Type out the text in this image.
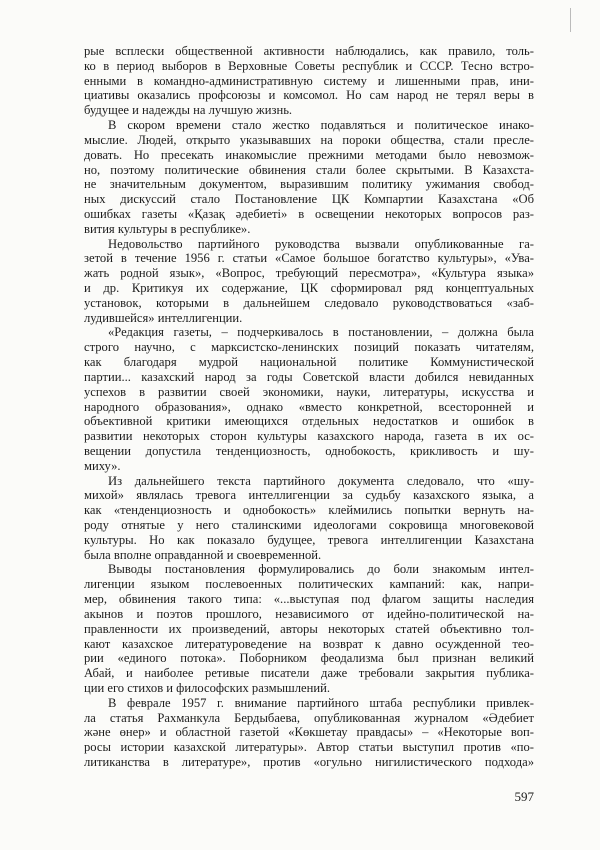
рые всплески общественной активности наблюдались, как правило, толь-
ко в период выборов в Верховные Советы республик и СССР. Тесно встро-
енными в командно-административную систему и лишенными прав, ини-
циативы оказались профсоюзы и комсомол. Но сам народ не терял веры в
будущее и надежды на лучшую жизнь.
В скором времени стало жестко подавляться и политическое инако-
мыслие. Людей, открыто указывавших на пороки общества, стали пресле-
довать. Но пресекать инакомыслие прежними методами было невозмож-
но, поэтому политические обвинения стали более скрытыми. В Казахста-
не значительным документом, выразившим политику ужимания свобод-
ных дискуссий стало Постановление ЦК Компартии Казахстана «Об
ошибках газеты «Қазақ әдебиеті» в освещении некоторых вопросов раз-
вития культуры в республике».
Недовольство партийного руководства вызвали опубликованные га-
зетой в течение 1956 г. статьи «Самое большое богатство культуры», «Ува-
жать родной язык», «Вопрос, требующий пересмотра», «Культура языка»
и др. Критикуя их содержание, ЦК сформировал ряд концептуальных
установок, которыми в дальнейшем следовало руководствоваться «заб-
лудившейся» интеллигенции.
«Редакция газеты, – подчеркивалось в постановлении, – должна была
строго научно, с марксистско-ленинских позиций показать читателям,
как благодаря мудрой национальной политике Коммунистической
партии... казахский народ за годы Советской власти добился невиданных
успехов в развитии своей экономики, науки, литературы, искусства и
народного образования», однако «вместо конкретной, всесторонней и
объективной критики имеющихся отдельных недостатков и ошибок в
развитии некоторых сторон культуры казахского народа, газета в их ос-
вещении допустила тенденциозность, однобокость, крикливость и шу-
миху».
Из дальнейшего текста партийного документа следовало, что «шу-
михой» являлась тревога интеллигенции за судьбу казахского языка, а
как «тенденциозность и однобокость» клеймились попытки вернуть на-
роду отнятые у него сталинскими идеологами сокровища многовековой
культуры. Но как показало будущее, тревога интеллигенции Казахстана
была вполне оправданной и своевременной.
Выводы постановления формулировались до боли знакомым интел-
лигенции языком послевоенных политических кампаний: как, напри-
мер, обвинения такого типа: «...выступая под флагом защиты наследия
акынов и поэтов прошлого, независимого от идейно-политической на-
правленности их произведений, авторы некоторых статей объективно тол-
кают казахское литературоведение на возврат к давно осужденной тео-
рии «единого потока». Поборником феодализма был признан великий
Абай, и наиболее ретивые писатели даже требовали закрытия публика-
ции его стихов и философских размышлений.
В феврале 1957 г. внимание партийного штаба республики привлек-
ла статья Рахманкула Бердыбаева, опубликованная журналом «Әдебиет
және өнер» и областной газетой «Көкшетау правдасы» – «Некоторые воп-
росы истории казахской литературы». Автор статьи выступил против «по-
литиканства в литературе», против «огульно нигилистического подхода»
597
